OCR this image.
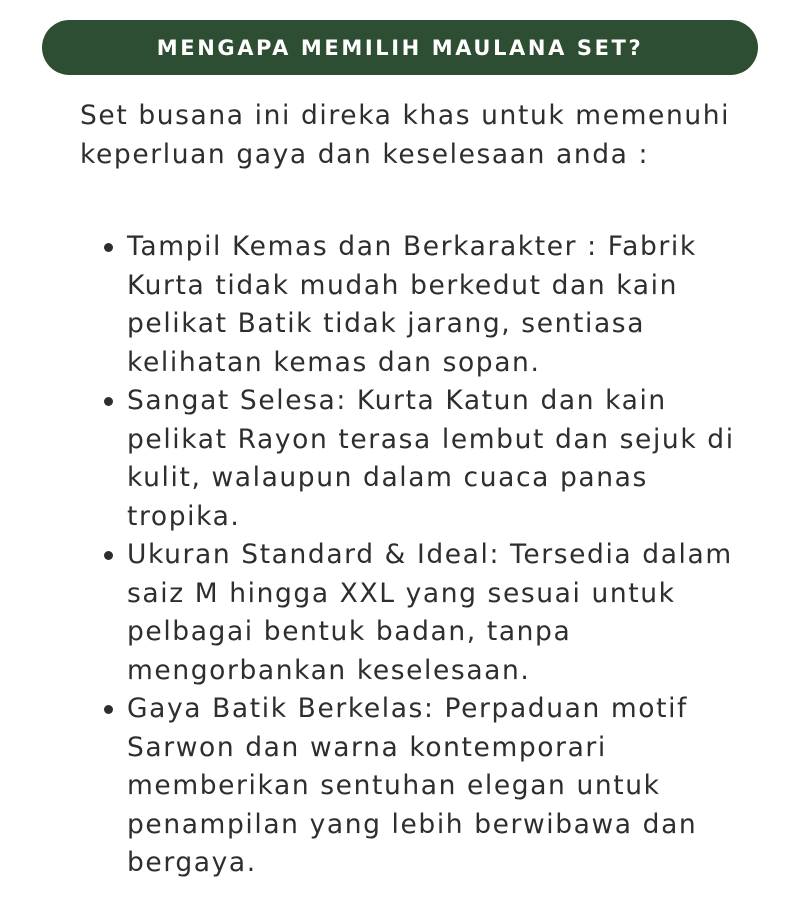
MENGAPA MEMILIH MAULANA SET?

Set busana ini direka khas untuk memenuhi keperluan gaya dan keselesaan anda :

Tampil Kemas dan Berkarakter : Fabrik Kurta tidak mudah berkedut dan kain pelikat Batik tidak jarang, sentiasa kelihatan kemas dan sopan.
Sangat Selesa: Kurta Katun dan kain pelikat Rayon terasa lembut dan sejuk di kulit, walaupun dalam cuaca panas tropika.
Ukuran Standard & Ideal: Tersedia dalam saiz M hingga XXL yang sesuai untuk pelbagai bentuk badan, tanpa mengorbankan keselesaan.
Gaya Batik Berkelas: Perpaduan motif Sarwon dan warna kontemporari memberikan sentuhan elegan untuk penampilan yang lebih berwibawa dan bergaya.
